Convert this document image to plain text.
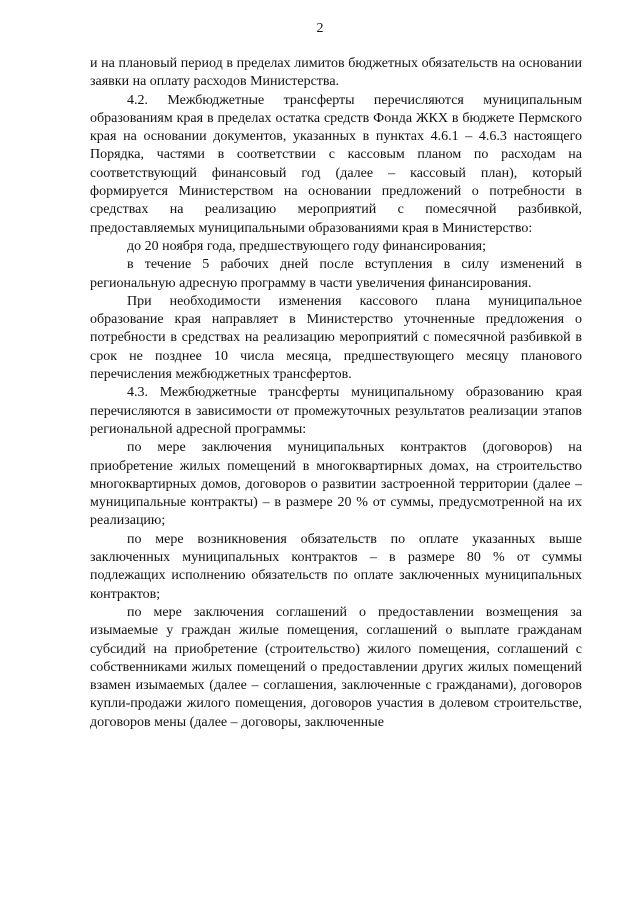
2

и на плановый период в пределах лимитов бюджетных обязательств на основании заявки на оплату расходов Министерства.

4.2. Межбюджетные трансферты перечисляются муниципальным образованиям края в пределах остатка средств Фонда ЖКХ в бюджете Пермского края на основании документов, указанных в пунктах 4.6.1 – 4.6.3 настоящего Порядка, частями в соответствии с кассовым планом по расходам на соответствующий финансовый год (далее – кассовый план), который формируется Министерством на основании предложений о потребности в средствах на реализацию мероприятий с помесячной разбивкой, предоставляемых муниципальными образованиями края в Министерство:

до 20 ноября года, предшествующего году финансирования;

в течение 5 рабочих дней после вступления в силу изменений в региональную адресную программу в части увеличения финансирования.

При необходимости изменения кассового плана муниципальное образование края направляет в Министерство уточненные предложения о потребности в средствах на реализацию мероприятий с помесячной разбивкой в срок не позднее 10 числа месяца, предшествующего месяцу планового перечисления межбюджетных трансфертов.

4.3. Межбюджетные трансферты муниципальному образованию края перечисляются в зависимости от промежуточных результатов реализации этапов региональной адресной программы:

по мере заключения муниципальных контрактов (договоров) на приобретение жилых помещений в многоквартирных домах, на строительство многоквартирных домов, договоров о развитии застроенной территории (далее – муниципальные контракты) – в размере 20 % от суммы, предусмотренной на их реализацию;

по мере возникновения обязательств по оплате указанных выше заключенных муниципальных контрактов – в размере 80 % от суммы подлежащих исполнению обязательств по оплате заключенных муниципальных контрактов;

по мере заключения соглашений о предоставлении возмещения за изымаемые у граждан жилые помещения, соглашений о выплате гражданам субсидий на приобретение (строительство) жилого помещения, соглашений с собственниками жилых помещений о предоставлении других жилых помещений взамен изымаемых (далее – соглашения, заключенные с гражданами), договоров купли-продажи жилого помещения, договоров участия в долевом строительстве, договоров мены (далее – договоры, заключенные
